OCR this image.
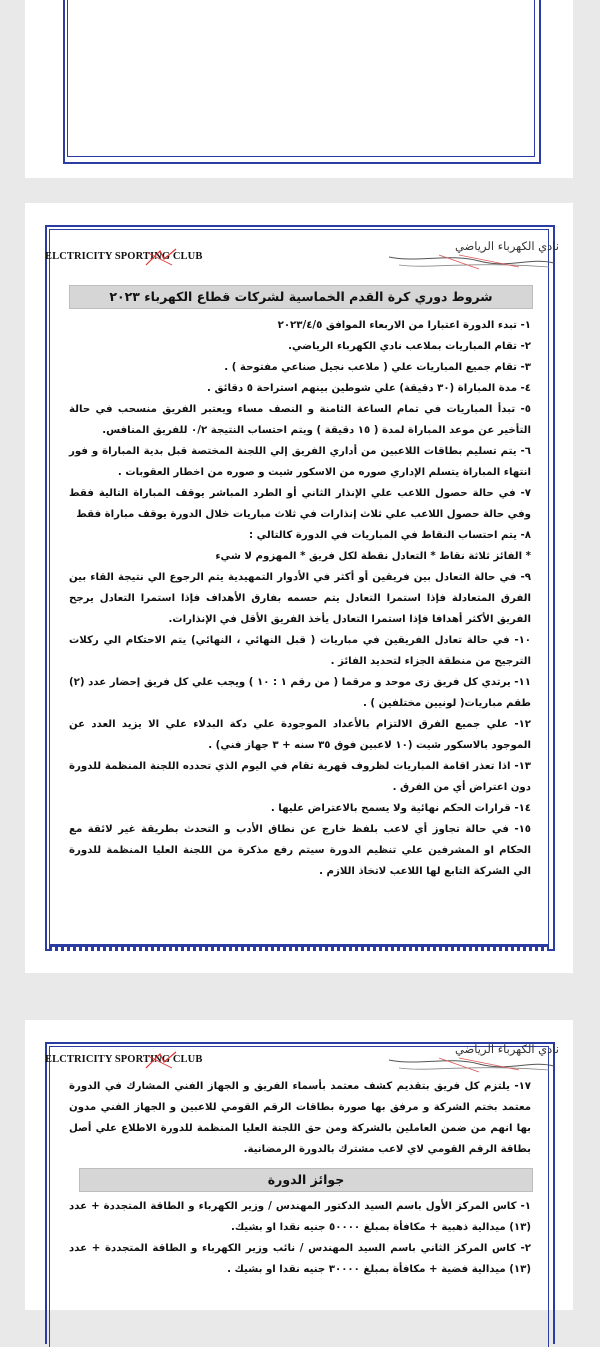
ELCTRICITY SPORTING CLUB
نادي الكهرباء الرياضي
شروط دوري كرة القدم الخماسية لشركات قطاع الكهرباء ٢٠٢٣

١- تبدء الدورة اعتبارا من الاربعاء الموافق ٢٠٢٣/٤/٥

٢- تقام المباريات بملاعب نادي الكهرباء الرياضي.

٣- تقام جميع المباريات علي ( ملاعب نجيل صناعي مفتوحة ) .

٤- مدة المباراة (٣٠ دقيقة) علي شوطين بينهم استراحة ٥ دقائق .

٥- تبدأ المباريات في تمام الساعة الثامنة و النصف مساء ويعتبر الفريق منسحب في حالة التأخير عن موعد المباراة لمدة ( ١٥ دقيقة ) ويتم احتساب النتيجة ٠/٢ للفريق المنافس.

٦- يتم تسليم بطاقات اللاعبين من أداري الفريق إلي اللجنة المختصة قبل بدية المباراة و فور انتهاء المباراة يتسلم الإداري صوره من الاسكور شيت و صوره من اخطار العقوبات .

٧- في حالة حصول اللاعب علي الإنذار الثاني أو الطرد المباشر يوقف المباراة التالية فقط وفي حالة حصول اللاعب علي ثلاث إنذارات في ثلاث مباريات خلال الدورة يوقف مباراة فقط

٨- يتم احتساب النقاط في المباريات في الدورة كالتالي :

* الفائز ثلاثة نقاط * التعادل نقطة لكل فريق * المهزوم لا شيء

٩- في حالة التعادل بين فريقين أو أكثر في الأدوار التمهيدية يتم الرجوع الي نتيجة القاء بين الفرق المتعادلة فإذا استمرا التعادل يتم حسمه بفارق الأهداف فإذا استمرا التعادل يرجح الفريق الأكثر أهدافا فإذا استمرا التعادل يأخذ الفريق الأقل في الإنذارات.

١٠- في حالة تعادل الفريقين في مباريات ( قبل النهائي ، النهائي) يتم الاحتكام الي ركلات الترجيح من منطقة الجزاء لتحديد الفائز .

١١- يرتدي كل فريق زى موحد و مرقما ( من رقم ١ : ١٠ ) ويجب علي كل فريق إحضار عدد (٢) طقم مباريات( لونيين مختلفين ) .

١٢- علي جميع الفرق الالتزام بالأعداد الموجودة علي دكة البدلاء علي الا يزيد العدد عن الموجود بالاسكور شيت (١٠ لاعبين فوق ٣٥ سنه + ٣ جهاز فني) .

١٣- اذا تعذر اقامة المباريات لظروف قهرية تقام في اليوم الذي تحدده اللجنة المنظمة للدورة دون اعتراض أي من الفرق .

١٤- قرارات الحكم نهائية ولا يسمح بالاعتراض عليها .

١٥- في حالة تجاوز أي لاعب بلفظ خارج عن نطاق الأدب و التحدث بطريقة غير لائقة مع الحكام او المشرفين علي تنظيم الدورة سيتم رفع مذكرة من اللجنة العليا المنظمة للدورة الي الشركة التابع لها اللاعب لاتخاذ اللازم .

ELCTRICITY SPORTING CLUB
نادي الكهرباء الرياضي

١٧- يلتزم كل فريق بتقديم كشف معتمد بأسماء الفريق و الجهاز الفني المشارك في الدورة معتمد بختم الشركة و مرفق بها صورة بطاقات الرقم القومي للاعبين و الجهاز الفني مدون بها انهم من ضمن العاملين بالشركة ومن حق اللجنة العليا المنظمة للدورة الاطلاع علي أصل بطاقة الرقم القومي لاي لاعب مشترك بالدورة الرمضانية.

جوائز الدورة

١- كاس المركز الأول باسم السيد الدكتور المهندس / وزير الكهرباء و الطاقة المتجددة + عدد (١٣) ميدالية ذهبية + مكافأة بمبلغ ٥٠٠٠٠ جنيه نقدا او بشيك.

٢- كاس المركز الثاني باسم السيد المهندس / نائب وزير الكهرباء و الطاقة المتجددة + عدد (١٣) ميدالية فضية + مكافأة بمبلغ ٣٠٠٠٠ جنيه نقدا او بشيك .
